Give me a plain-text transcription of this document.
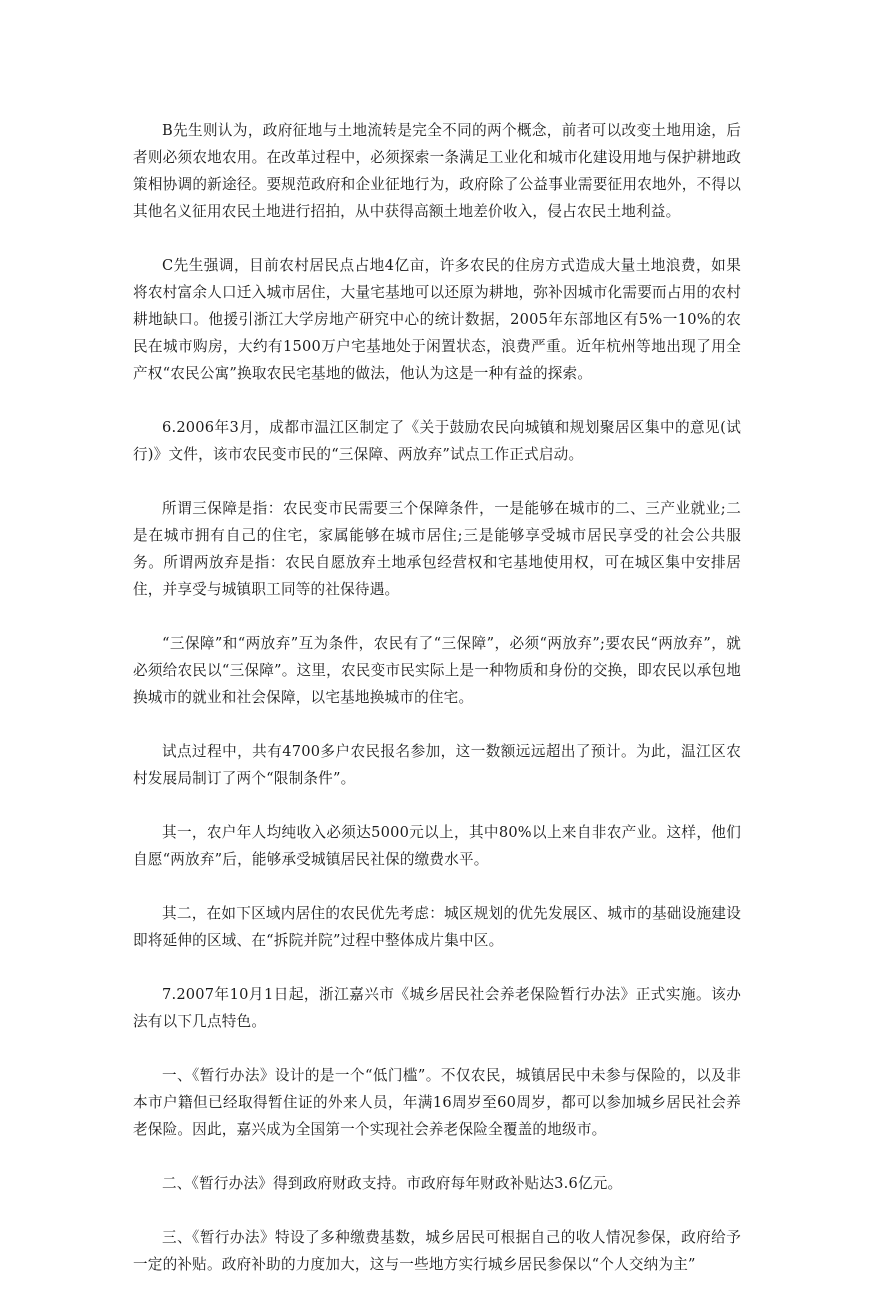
B先生则认为，政府征地与土地流转是完全不同的两个概念，前者可以改变土地用途，后者则必须农地农用。在改革过程中，必须探索一条满足工业化和城市化建设用地与保护耕地政策相协调的新途径。要规范政府和企业征地行为，政府除了公益事业需要征用农地外，不得以其他名义征用农民土地进行招拍，从中获得高额土地差价收入，侵占农民土地利益。

C先生强调，目前农村居民点占地4亿亩，许多农民的住房方式造成大量土地浪费，如果将农村富余人口迁入城市居住，大量宅基地可以还原为耕地，弥补因城市化需要而占用的农村耕地缺口。他援引浙江大学房地产研究中心的统计数据，2005年东部地区有5%一10%的农民在城市购房，大约有1500万户宅基地处于闲置状态，浪费严重。近年杭州等地出现了用全产权“农民公寓”换取农民宅基地的做法，他认为这是一种有益的探索。

6.2006年3月，成都市温江区制定了《关于鼓励农民向城镇和规划聚居区集中的意见(试行)》文件，该市农民变市民的“三保障、两放弃”试点工作正式启动。

所谓三保障是指：农民变市民需要三个保障条件，一是能够在城市的二、三产业就业;二是在城市拥有自己的住宅，家属能够在城市居住;三是能够享受城市居民享受的社会公共服务。所谓两放弃是指：农民自愿放弃土地承包经营权和宅基地使用权，可在城区集中安排居住，并享受与城镇职工同等的社保待遇。

“三保障”和“两放弃”互为条件，农民有了“三保障”，必须“两放弃”;要农民“两放弃”，就必须给农民以“三保障”。这里，农民变市民实际上是一种物质和身份的交换，即农民以承包地换城市的就业和社会保障，以宅基地换城市的住宅。

试点过程中，共有4700多户农民报名参加，这一数额远远超出了预计。为此，温江区农村发展局制订了两个“限制条件”。

其一，农户年人均纯收入必须达5000元以上，其中80%以上来自非农产业。这样，他们自愿“两放弃”后，能够承受城镇居民社保的缴费水平。

其二，在如下区域内居住的农民优先考虑：城区规划的优先发展区、城市的基础设施建设即将延伸的区域、在“拆院并院”过程中整体成片集中区。

7.2007年10月1日起，浙江嘉兴市《城乡居民社会养老保险暂行办法》正式实施。该办法有以下几点特色。

一、《暂行办法》设计的是一个“低门槛”。不仅农民，城镇居民中未参与保险的，以及非本市户籍但已经取得暂住证的外来人员，年满16周岁至60周岁，都可以参加城乡居民社会养老保险。因此，嘉兴成为全国第一个实现社会养老保险全覆盖的地级市。

二、《暂行办法》得到政府财政支持。市政府每年财政补贴达3.6亿元。

三、《暂行办法》特设了多种缴费基数，城乡居民可根据自己的收人情况参保，政府给予一定的补贴。政府补助的力度加大，这与一些地方实行城乡居民参保以“个人交纳为主”
